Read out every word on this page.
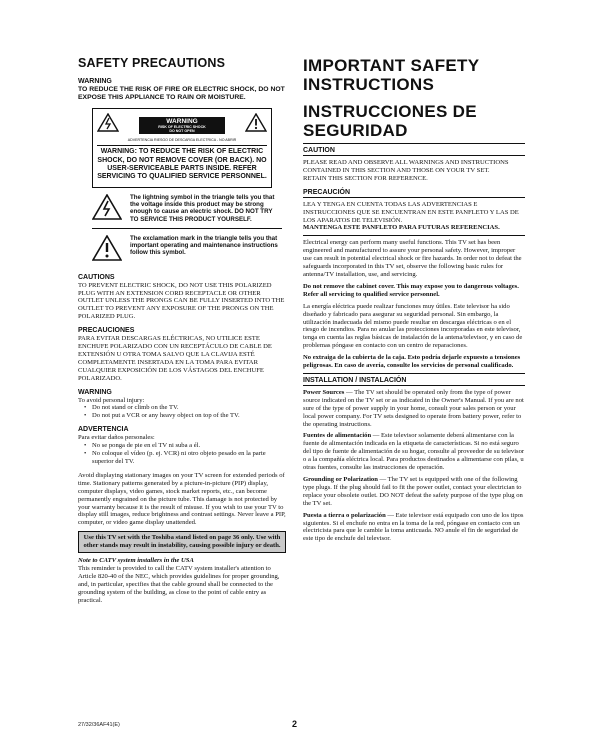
SAFETY PRECAUTIONS

WARNING

TO REDUCE THE RISK OF FIRE OR ELECTRIC SHOCK, DO NOT EXPOSE THIS APPLIANCE TO RAIN OR MOISTURE.

WARNING
RISK OF ELECTRIC SHOCK
DO NOT OPEN
ADVERTENCIA RIESGO DE DESCARGA ELECTRICA - NO ABRIR
WARNING: TO REDUCE THE RISK OF ELECTRIC SHOCK, DO NOT REMOVE COVER (OR BACK). NO USER-SERVICEABLE PARTS INSIDE. REFER SERVICING TO QUALIFIED SERVICE PERSONNEL.
The lightning symbol in the triangle tells you that the voltage inside this product may be strong enough to cause an electric shock. DO NOT TRY TO SERVICE THIS PRODUCT YOURSELF.
The exclamation mark in the triangle tells you that important operating and maintenance instructions follow this symbol.

CAUTIONS

TO PREVENT ELECTRIC SHOCK, DO NOT USE THIS POLARIZED PLUG WITH AN EXTENSION CORD RECEPTACLE OR OTHER OUTLET UNLESS THE PRONGS CAN BE FULLY INSERTED INTO THE OUTLET TO PREVENT ANY EXPOSURE OF THE PRONGS ON THE POLARIZED PLUG.

PRECAUCIONES

PARA EVITAR DESCARGAS ELÉCTRICAS, NO UTILICE ESTE ENCHUFE POLARIZADO CON UN RECEPTÁCULO DE CABLE DE EXTENSIÓN U OTRA TOMA SALVO QUE LA CLAVIJA ESTÉ COMPLETAMENTE INSERTADA EN LA TOMA PARA EVITAR CUALQUIER EXPOSICIÓN DE LOS VÁSTAGOS DEL ENCHUFE POLARIZADO.

WARNING

To avoid personal injury:

• Do not stand or climb on the TV.
• Do not put a VCR or any heavy object on top of the TV.

ADVERTENCIA

Para evitar daños personales:

• No se ponga de pie en el TV ni suba a él.
• No coloque el vídeo (p. ej. VCR) ni otro objeto pesado en la parte superior del TV.

Avoid displaying stationary images on your TV screen for extended periods of time. Stationary patterns generated by a picture-in-picture (PIP) display, computer displays, video games, stock market reports, etc., can become permanently engrained on the picture tube. This damage is not protected by your warranty because it is the result of misuse. If you wish to use your TV to display still images, reduce brightness and contrast settings. Never leave a PIP, computer, or video game display unattended.

Use this TV set with the Toshiba stand listed on page 36 only. Use with other stands may result in instability, causing possible injury or death.

Note to CATV system installers in the USA

This reminder is provided to call the CATV system installer's attention to Article 820-40 of the NEC, which provides guidelines for proper grounding, and, in particular, specifies that the cable ground shall be connected to the grounding system of the building, as close to the point of cable entry as practical.

IMPORTANT SAFETY INSTRUCTIONS
INSTRUCCIONES DE SEGURIDAD

CAUTION

PLEASE READ AND OBSERVE ALL WARNINGS AND INSTRUCTIONS CONTAINED IN THIS SECTION AND THOSE ON YOUR TV SET.

RETAIN THIS SECTION FOR REFERENCE.

PRECAUCIÓN

LEA Y TENGA EN CUENTA TODAS LAS ADVERTENCIAS E INSTRUCCIONES QUE SE ENCUENTRAN EN ESTE PANFLETO Y LAS DE LOS APARATOS DE TELEVISIÓN.

MANTENGA ESTE PANFLETO PARA FUTURAS REFERENCIAS.

Electrical energy can perform many useful functions. This TV set has been engineered and manufactured to assure your personal safety. However, improper use can result in potential electrical shock or fire hazards. In order not to defeat the safeguards incorporated in this TV set, observe the following basic rules for antenna/TV installation, use, and servicing.

Do not remove the cabinet cover. This may expose you to dangerous voltages. Refer all servicing to qualified service personnel.

La energía eléctrica puede realizar funciones muy útiles. Este televisor ha sido diseñado y fabricado para asegurar su seguridad personal. Sin embargo, la utilización inadecuada del mismo puede resultar en descargas eléctricas o en el riesgo de incendios. Para no anular las protecciones incorporadas en este televisor, tenga en cuenta las reglas básicas de instalación de la antena/televisor, y en caso de problemas póngase en contacto con un centro de reparaciones.

No extraiga de la cubierta de la caja. Esto podría dejarle expuesto a tensiones peligrosas. En caso de avería, consulte los servicios de personal cualificado.

INSTALLATION / INSTALACIÓN

Power Sources — The TV set should be operated only from the type of power source indicated on the TV set or as indicated in the Owner's Manual. If you are not sure of the type of power supply in your home, consult your sales person or your local power company. For TV sets designed to operate from battery power, refer to the operating instructions.

Fuentes de alimentación — Este televisor solamente deberá alimentarse con la fuente de alimentación indicada en la etiqueta de características. Si no está seguro del tipo de fuente de alimentación de su hogar, consulte al proveedor de su televisor o a la compañía eléctrica local. Para productos destinados a alimentarse con pilas, u otras fuentes, consulte las instrucciones de operación.

Grounding or Polarization — The TV set is equipped with one of the following type plugs. If the plug should fail to fit the power outlet, contact your electrician to replace your obsolete outlet. DO NOT defeat the safety purpose of the type plug on the TV set.

Puesta a tierra o polarización — Este televisor está equipado con uno de los tipos siguientes. Si el enchufe no entra en la toma de la red, póngase en contacto con un electricista para que le cambie la toma anticuada. NO anule el fin de seguridad de este tipo de enchufe del televisor.

27/32/36AF41(E)	2
